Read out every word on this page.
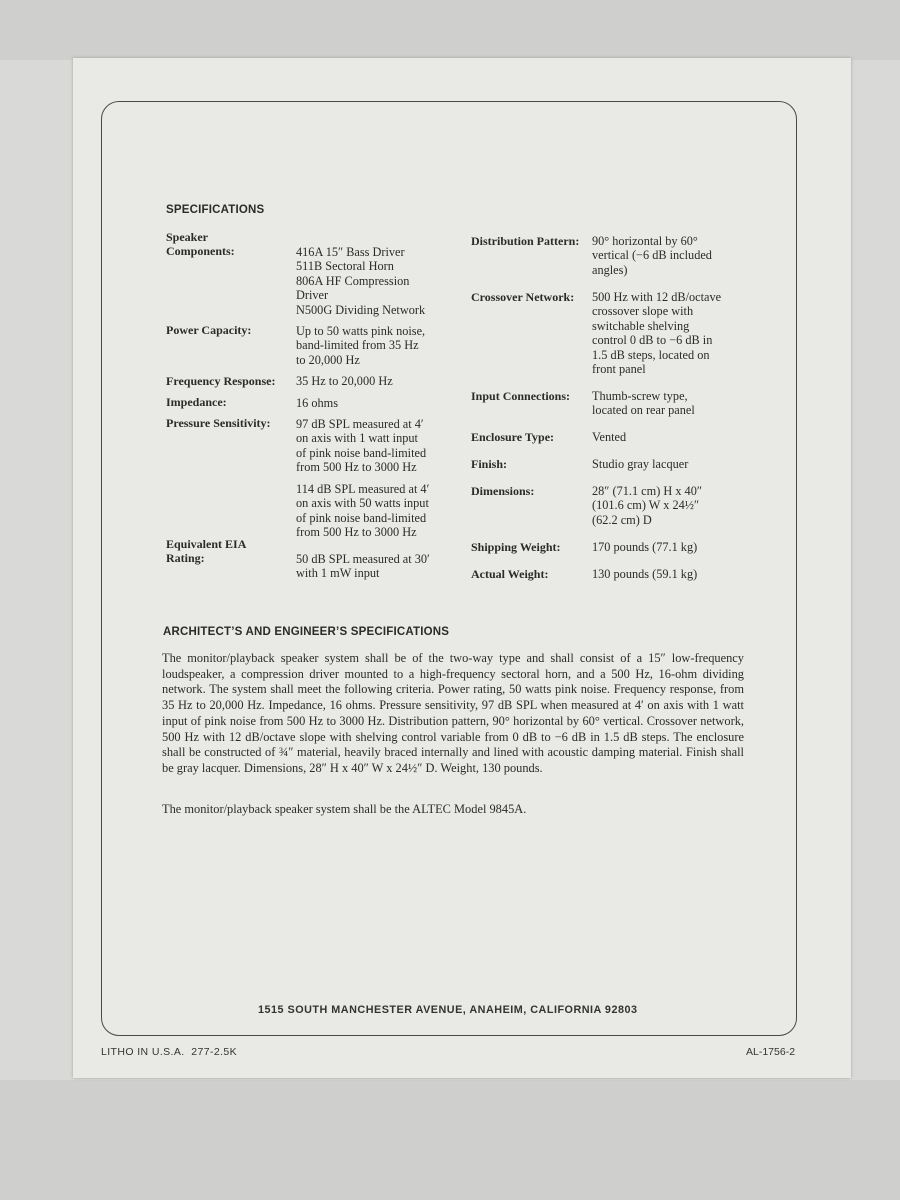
SPECIFICATIONS
Speaker
Components:	416A 15″ Bass Driver
511B Sectoral Horn
806A HF Compression
Driver
N500G Dividing Network
Power Capacity:	Up to 50 watts pink noise,
band-limited from 35 Hz
to 20,000 Hz
Frequency Response: 35 Hz to 20,000 Hz
Impedance:	16 ohms
Pressure Sensitivity: 97 dB SPL measured at 4′
on axis with 1 watt input
of pink noise band-limited
from 500 Hz to 3000 Hz
114 dB SPL measured at 4′
on axis with 50 watts input
of pink noise band-limited
from 500 Hz to 3000 Hz
Equivalent EIA
Rating:	50 dB SPL measured at 30′
with 1 mW input
Distribution Pattern: 90° horizontal by 60°
vertical (−6 dB included
angles)
Crossover Network: 500 Hz with 12 dB/octave
crossover slope with
switchable shelving
control 0 dB to −6 dB in
1.5 dB steps, located on
front panel
Input Connections: Thumb-screw type,
located on rear panel
Enclosure Type:	Vented
Finish:	Studio gray lacquer
Dimensions:	28″ (71.1 cm) H x 40″
(101.6 cm) W x 24½″
(62.2 cm) D
Shipping Weight:	170 pounds (77.1 kg)
Actual Weight:	130 pounds (59.1 kg)
ARCHITECT’S AND ENGINEER’S SPECIFICATIONS

The monitor/playback speaker system shall be of the two-way type and shall consist of a 15″ low-frequency loudspeaker, a compression driver mounted to a high-frequency sectoral horn, and a 500 Hz, 16-ohm dividing network. The system shall meet the following criteria. Power rating, 50 watts pink noise. Frequency response, from 35 Hz to 20,000 Hz. Impedance, 16 ohms. Pressure sensitivity, 97 dB SPL when measured at 4′ on axis with 1 watt input of pink noise from 500 Hz to 3000 Hz. Distribution pattern, 90° horizontal by 60° vertical. Crossover network, 500 Hz with 12 dB/octave slope with shelving control variable from 0 dB to −6 dB in 1.5 dB steps. The enclosure shall be constructed of ¾″ material, heavily braced internally and lined with acoustic damping material. Finish shall be gray lacquer. Dimensions, 28″ H x 40″ W x 24½″ D. Weight, 130 pounds.

The monitor/playback speaker system shall be the ALTEC Model 9845A.

1515 SOUTH MANCHESTER AVENUE, ANAHEIM, CALIFORNIA 92803
LITHO IN U.S.A.  277-2.5K	AL-1756-2
